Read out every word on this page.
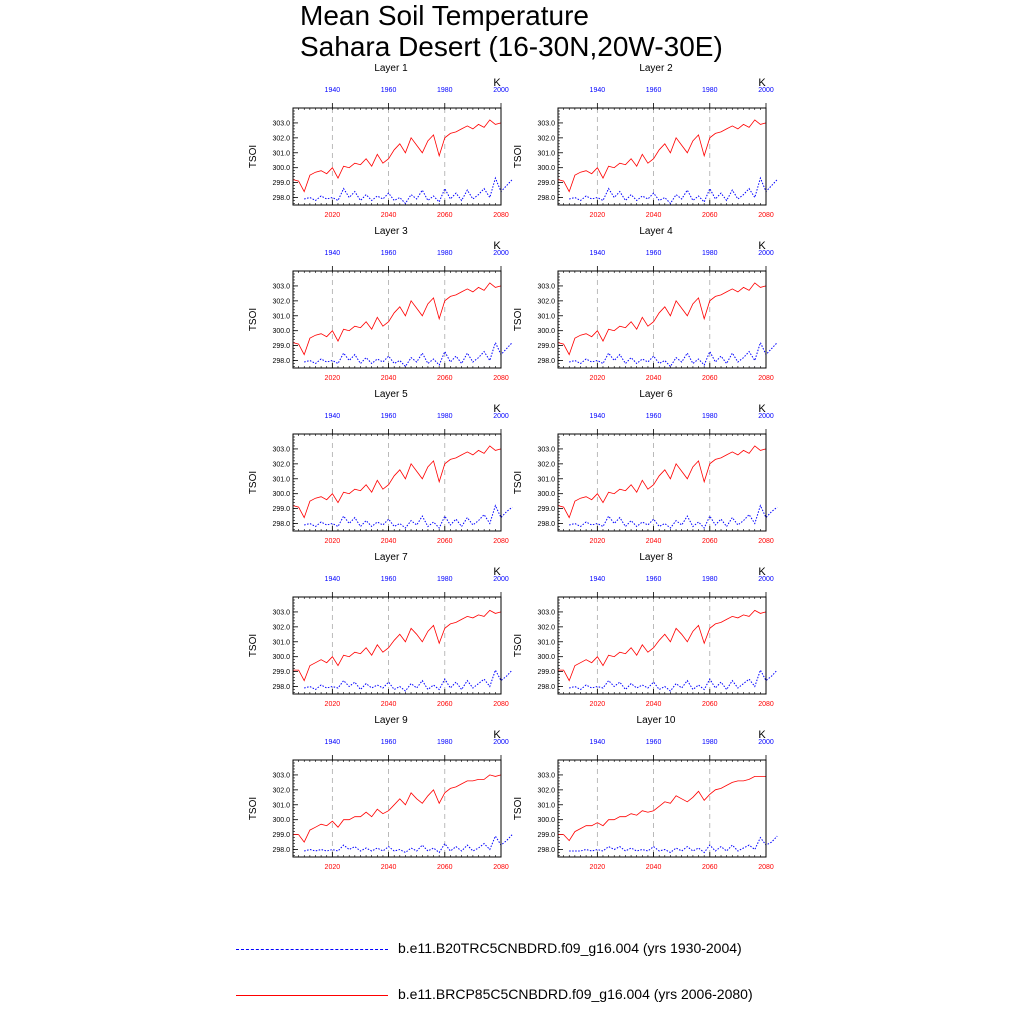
Mean Soil Temperature
Sahara Desert (16-30N,20W-30E)
Layer 1
K
TSOI
2020	2040	2060	2080
1940	1960	1980	2000
303.0
302.0
301.0
300.0
299.0
298.0
Layer 2
K
TSOI
2020	2040	2060	2080
1940	1960	1980	2000
303.0
302.0
301.0
300.0
299.0
298.0
Layer 3
K
TSOI
2020	2040	2060	2080
1940	1960	1980	2000
303.0
302.0
301.0
300.0
299.0
298.0
Layer 4
K
TSOI
2020	2040	2060	2080
1940	1960	1980	2000
303.0
302.0
301.0
300.0
299.0
298.0
Layer 5
K
TSOI
2020	2040	2060	2080
1940	1960	1980	2000
303.0
302.0
301.0
300.0
299.0
298.0
Layer 6
K
TSOI
2020	2040	2060	2080
1940	1960	1980	2000
303.0
302.0
301.0
300.0
299.0
298.0
Layer 7
K
TSOI
2020	2040	2060	2080
1940	1960	1980	2000
303.0
302.0
301.0
300.0
299.0
298.0
Layer 8
K
TSOI
2020	2040	2060	2080
1940	1960	1980	2000
303.0
302.0
301.0
300.0
299.0
298.0
Layer 9
K
TSOI
2020	2040	2060	2080
1940	1960	1980	2000
303.0
302.0
301.0
300.0
299.0
298.0
Layer 10
K
TSOI
2020	2040	2060	2080
1940	1960	1980	2000
303.0
302.0
301.0
300.0
299.0
298.0
b.e11.B20TRC5CNBDRD.f09_g16.004 (yrs 1930-2004)
b.e11.BRCP85C5CNBDRD.f09_g16.004 (yrs 2006-2080)
